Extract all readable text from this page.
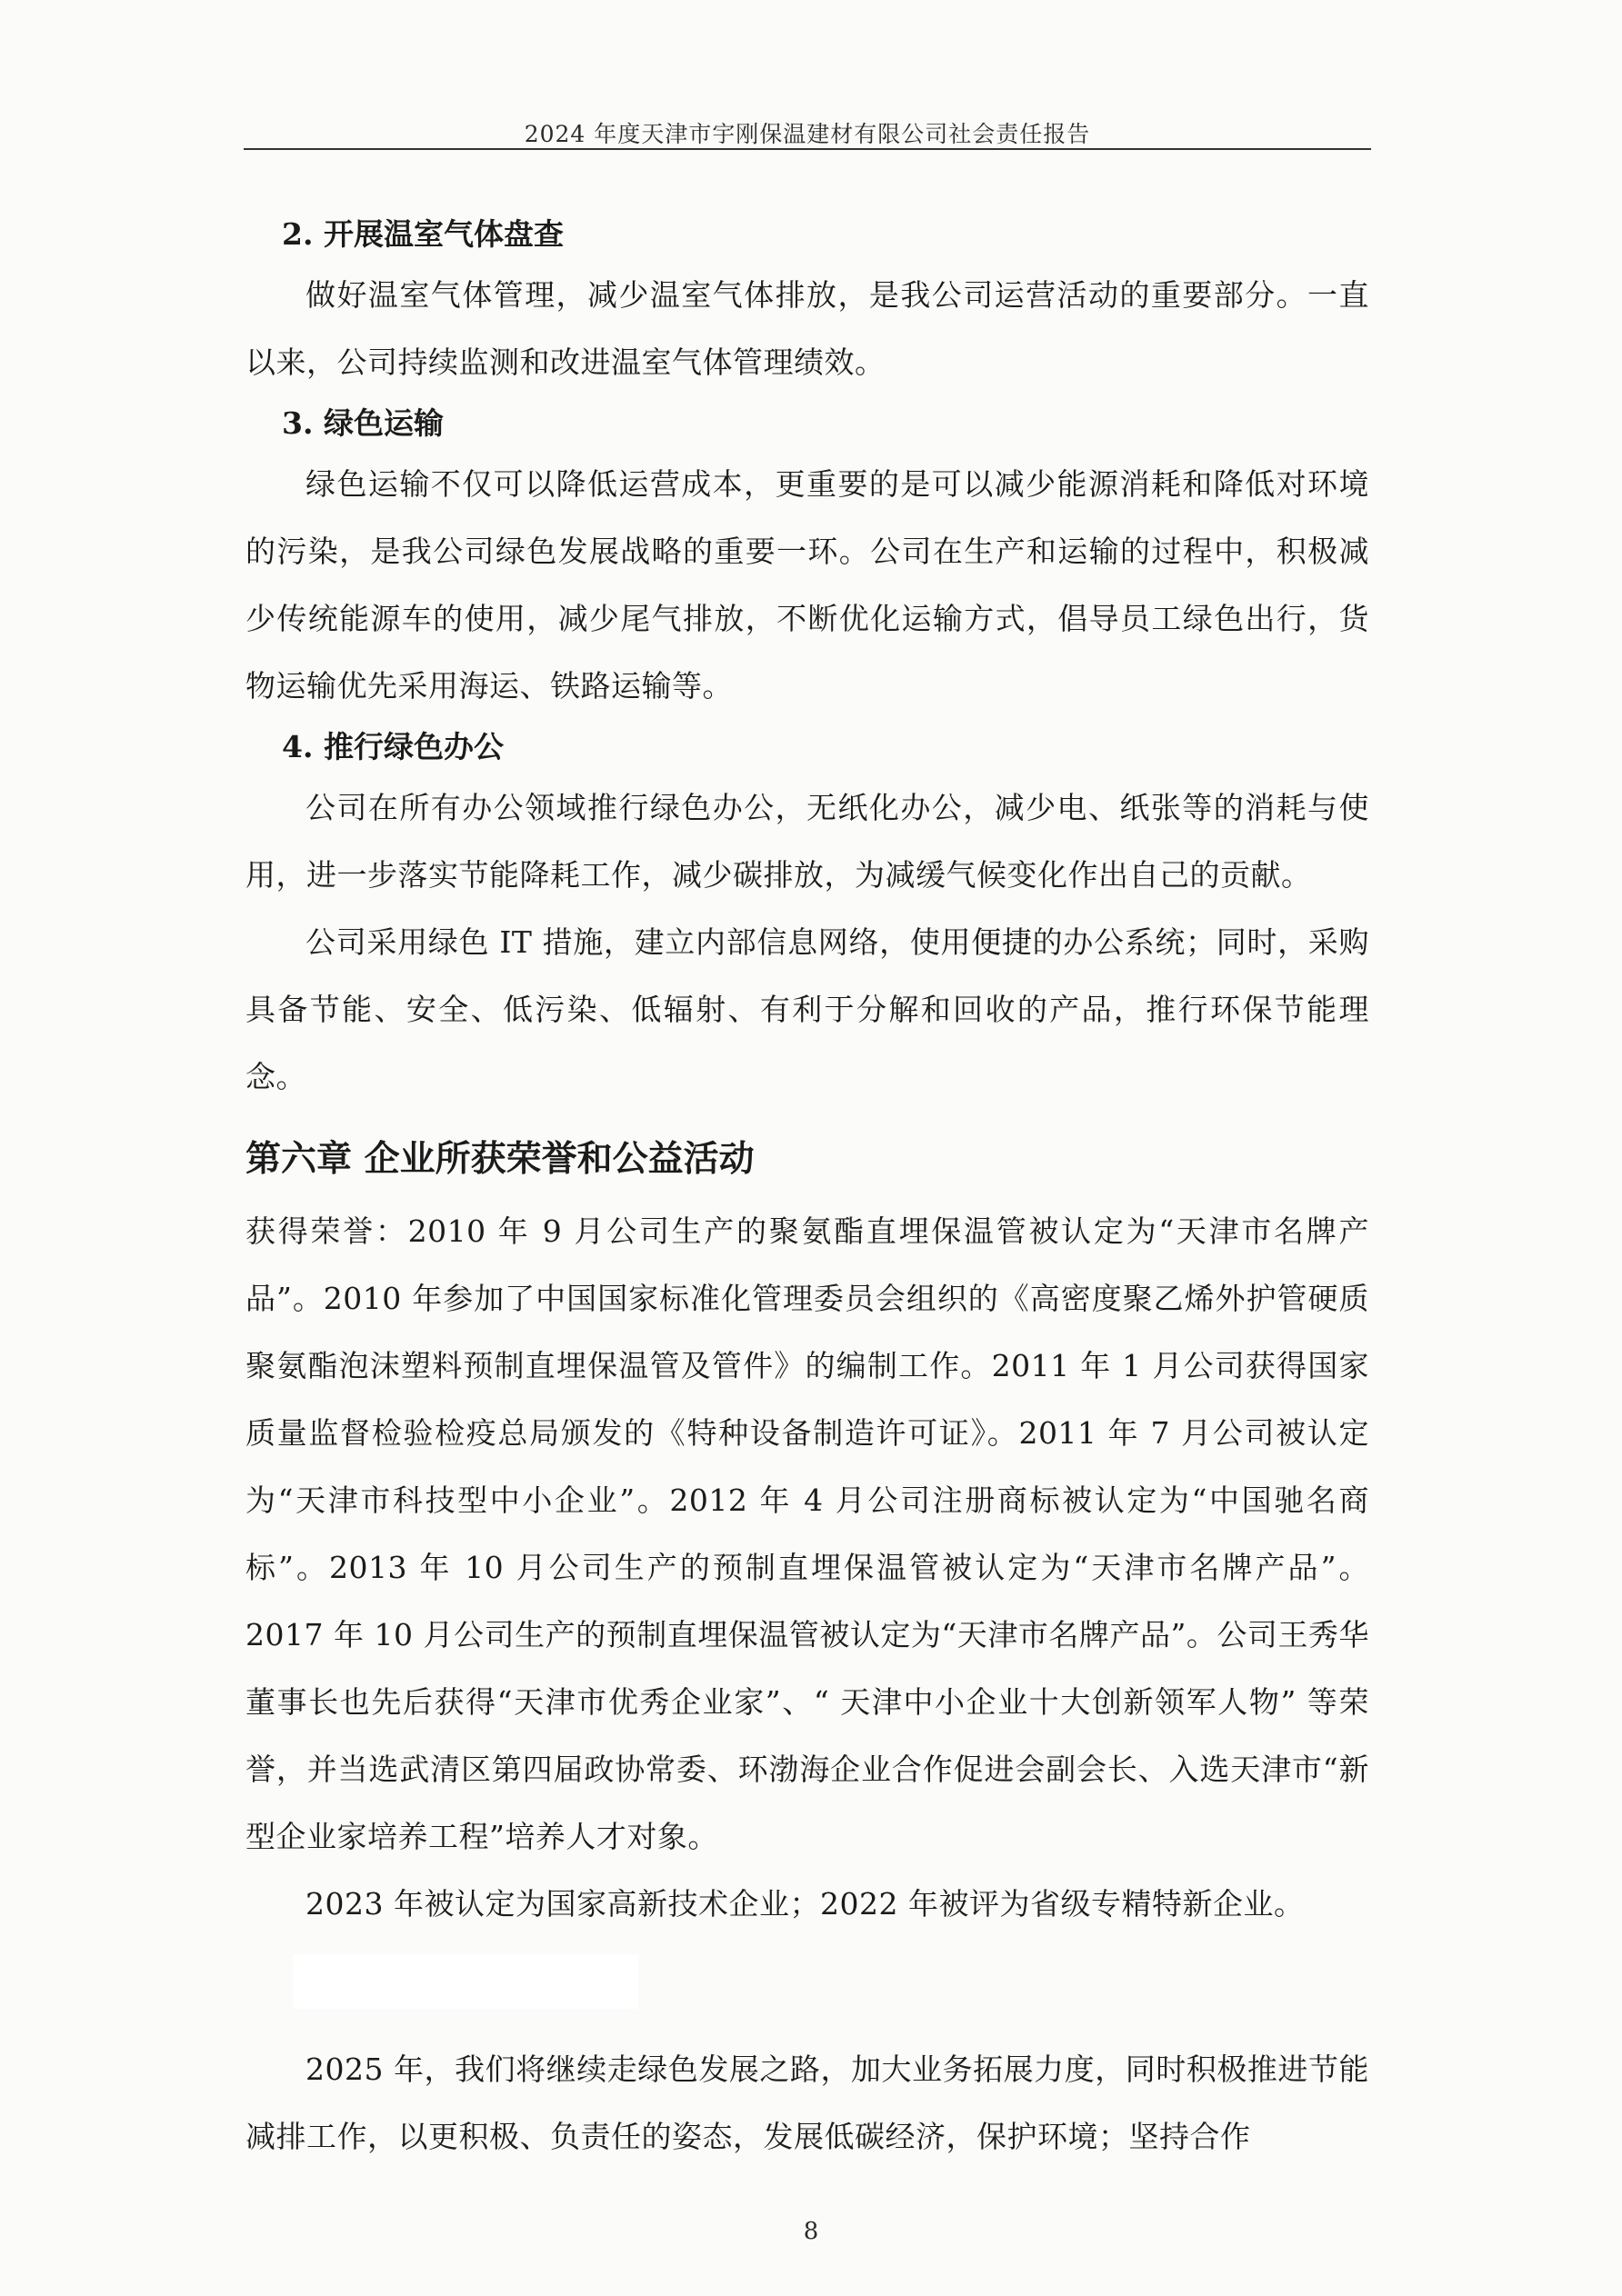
2024 年度天津市宇刚保温建材有限公司社会责任报告
2. 开展温室气体盘查

做好温室气体管理，减少温室气体排放，是我公司运营活动的重要部分。一直以来，公司持续监测和改进温室气体管理绩效。

3. 绿色运输

绿色运输不仅可以降低运营成本，更重要的是可以减少能源消耗和降低对环境的污染，是我公司绿色发展战略的重要一环。公司在生产和运输的过程中，积极减少传统能源车的使用，减少尾气排放，不断优化运输方式，倡导员工绿色出行，货物运输优先采用海运、铁路运输等。

4. 推行绿色办公

公司在所有办公领域推行绿色办公，无纸化办公，减少电、纸张等的消耗与使用，进一步落实节能降耗工作，减少碳排放，为减缓气候变化作出自己的贡献。

公司采用绿色 IT 措施，建立内部信息网络，使用便捷的办公系统；同时，采购具备节能、安全、低污染、低辐射、有利于分解和回收的产品，推行环保节能理念。

第六章 企业所获荣誉和公益活动

获得荣誉：2010 年 9 月公司生产的聚氨酯直埋保温管被认定为“天津市名牌产品”。2010 年参加了中国国家标准化管理委员会组织的《高密度聚乙烯外护管硬质聚氨酯泡沫塑料预制直埋保温管及管件》的编制工作。2011 年 1 月公司获得国家质量监督检验检疫总局颁发的《特种设备制造许可证》。2011 年 7 月公司被认定为“天津市科技型中小企业”。2012 年 4 月公司注册商标被认定为“中国驰名商标”。2013 年 10 月公司生产的预制直埋保温管被认定为“天津市名牌产品”。2017 年 10 月公司生产的预制直埋保温管被认定为“天津市名牌产品”。公司王秀华董事长也先后获得“天津市优秀企业家”、“ 天津中小企业十大创新领军人物” 等荣誉，并当选武清区第四届政协常委、环渤海企业合作促进会副会长、入选天津市“新型企业家培养工程”培养人才对象。

2023 年被认定为国家高新技术企业；2022 年被评为省级专精特新企业。

2025 年，我们将继续走绿色发展之路，加大业务拓展力度，同时积极推进节能减排工作，以更积极、负责任的姿态，发展低碳经济，保护环境；坚持合作

8
